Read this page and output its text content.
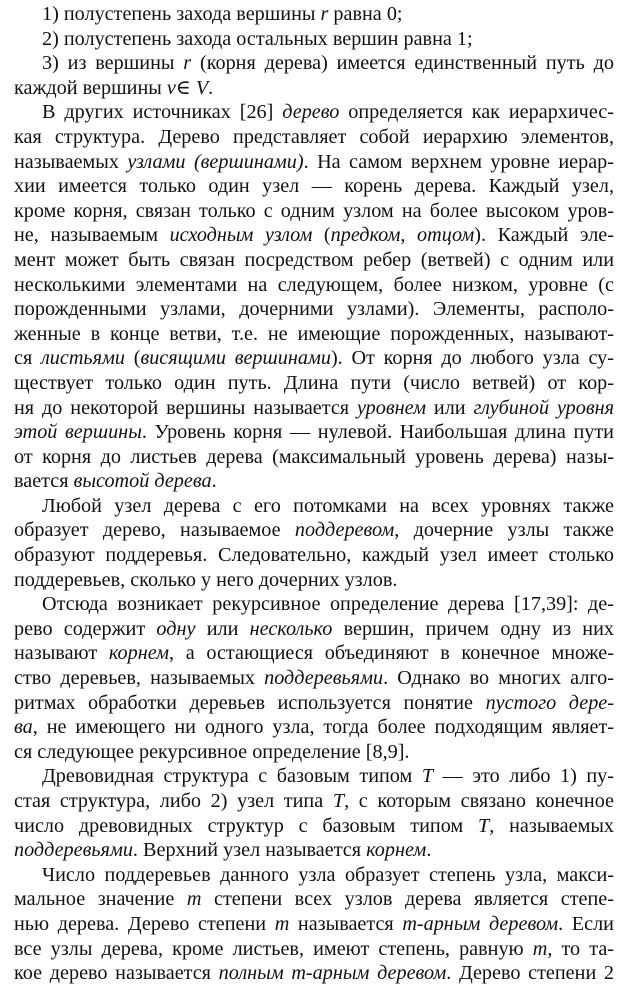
1) полустепень захода вершины r равна 0;
2) полустепень захода остальных вершин равна 1;
3) из вершины r (корня дерева) имеется единственный путь до
каждой вершины v∈ V.
В других источниках [26] дерево определяется как иерархичес-
кая структура. Дерево представляет собой иерархию элементов,
называемых узлами (вершинами). На самом верхнем уровне иерар-
хии имеется только один узел — корень дерева. Каждый узел,
кроме корня, связан только с одним узлом на более высоком уров-
не, называемым исходным узлом (предком, отцом). Каждый эле-
мент может быть связан посредством ребер (ветвей) с одним или
несколькими элементами на следующем, более низком, уровне (с
порожденными узлами, дочерними узлами). Элементы, располо-
женные в конце ветви, т.е. не имеющие порожденных, называют-
ся листьями (висящими вершинами). От корня до любого узла су-
ществует только один путь. Длина пути (число ветвей) от кор-
ня до некоторой вершины называется уровнем или глубиной уровня
этой вершины. Уровень корня — нулевой. Наибольшая длина пути
от корня до листьев дерева (максимальный уровень дерева) назы-
вается высотой дерева.
Любой узел дерева с его потомками на всех уровнях также
образует дерево, называемое поддеревом, дочерние узлы также
образуют поддеревья. Следовательно, каждый узел имеет столько
поддеревьев, сколько у него дочерних узлов.
Отсюда возникает рекурсивное определение дерева [17,39]: де-
рево содержит одну или несколько вершин, причем одну из них
называют корнем, а остающиеся объединяют в конечное множе-
ство деревьев, называемых поддеревьями. Однако во многих алго-
ритмах обработки деревьев используется понятие пустого дере-
ва, не имеющего ни одного узла, тогда более подходящим являет-
ся следующее рекурсивное определение [8,9].
Древовидная структура с базовым типом T — это либо 1) пу-
стая структура, либо 2) узел типа T, с которым связано конечное
число древовидных структур с базовым типом T, называемых
поддеревьями. Верхний узел называется корнем.
Число поддеревьев данного узла образует степень узла, макси-
мальное значение m степени всех узлов дерева является степе-
нью дерева. Дерево степени m называется m-арным деревом. Если
все узлы дерева, кроме листьев, имеют степень, равную m, то та-
кое дерево называется полным m-арным деревом. Дерево степени 2
